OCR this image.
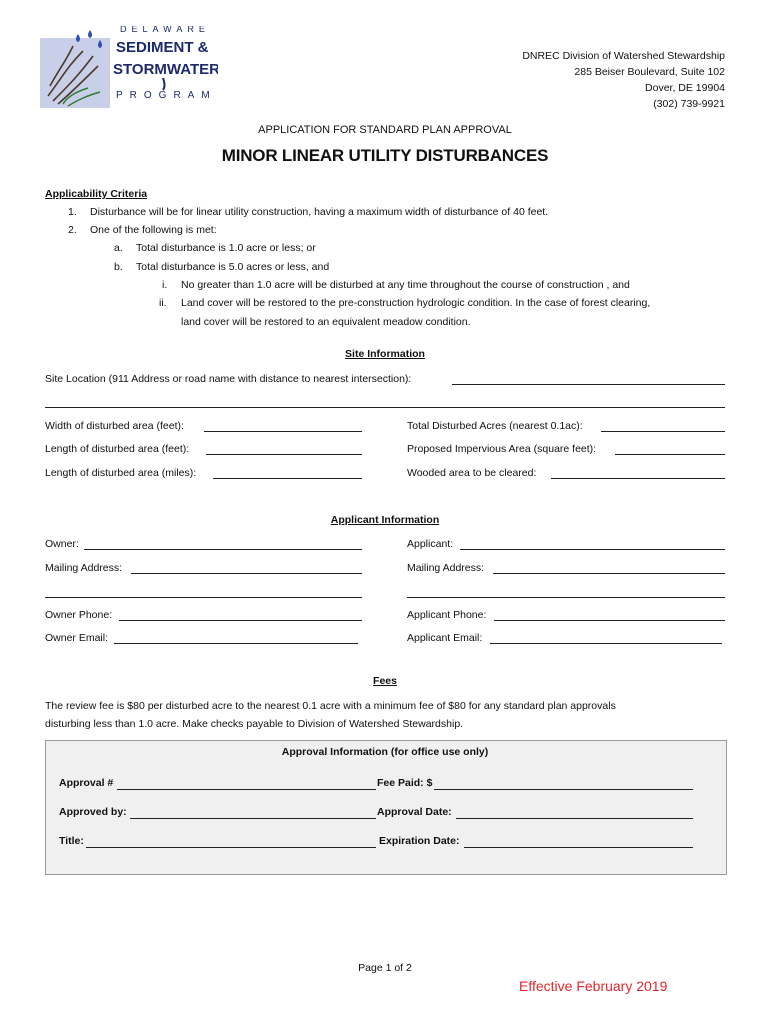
DELAWARE
SEDIMENT &
STORMWATER
PROGRAM
DNREC Division of Watershed Stewardship
285 Beiser Boulevard, Suite 102
Dover, DE 19904
(302) 739-9921
APPLICATION FOR STANDARD PLAN APPROVAL
MINOR LINEAR UTILITY DISTURBANCES
Applicability Criteria
1. Disturbance will be for linear utility construction, having a maximum width of disturbance of 40 feet.
2. One of the following is met:
a. Total disturbance is 1.0 acre or less; or
b. Total disturbance is 5.0 acres or less, and
i. No greater than 1.0 acre will be disturbed at any time throughout the course of construction , and
ii. Land cover will be restored to the pre-construction hydrologic condition. In the case of forest clearing,
land cover will be restored to an equivalent meadow condition.
Site Information
Site Location (911 Address or road name with distance to nearest intersection):
Width of disturbed area (feet):	Total Disturbed Acres (nearest 0.1ac):
Length of disturbed area (feet):	Proposed Impervious Area (square feet):
Length of disturbed area (miles):	Wooded area to be cleared:
Applicant Information
Owner:	Applicant:
Mailing Address:	Mailing Address:
Owner Phone:	Applicant Phone:
Owner Email:	Applicant Email:
Fees
The review fee is $80 per disturbed acre to the nearest 0.1 acre with a minimum fee of $80 for any standard plan approvals
disturbing less than 1.0 acre. Make checks payable to Division of Watershed Stewardship.
Approval Information (for office use only)
Approval #	Fee Paid: $
Approved by:	Approval Date:
Title:	Expiration Date:
Page 1 of 2
Effective February 2019
